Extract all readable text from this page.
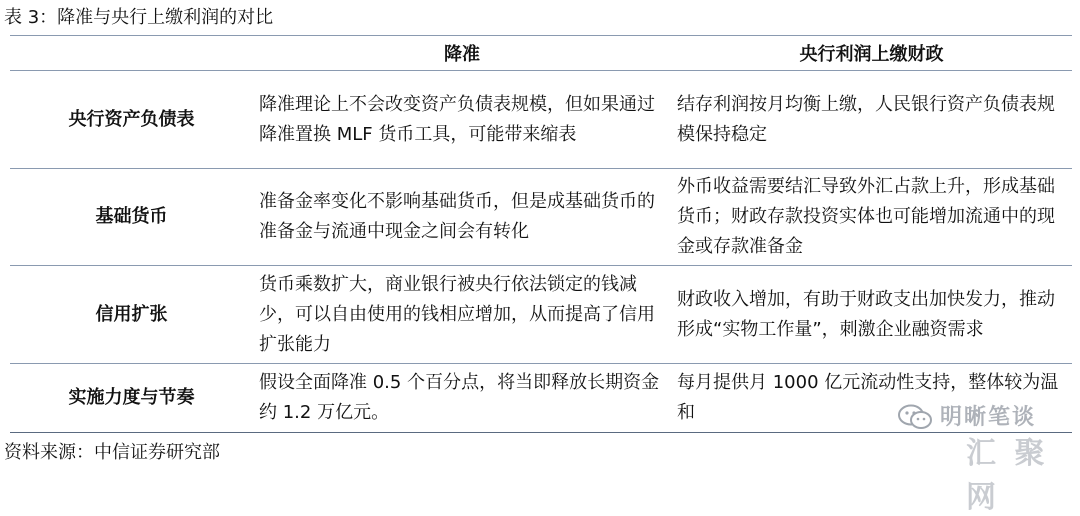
表 3：降准与央行上缴利润的对比
	降准	央行利润上缴财政
央行资产负债表	降准理论上不会改变资产负债表规模，但如果通过降准置换 MLF 货币工具，可能带来缩表	结存利润按月均衡上缴，人民银行资产负债表规模保持稳定
基础货币	准备金率变化不影响基础货币，但是成基础货币的准备金与流通中现金之间会有转化	外币收益需要结汇导致外汇占款上升，形成基础货币；财政存款投资实体也可能增加流通中的现金或存款准备金
信用扩张	货币乘数扩大，商业银行被央行依法锁定的钱减少，可以自由使用的钱相应增加，从而提高了信用扩张能力	财政收入增加，有助于财政支出加快发力，推动形成“实物工作量”，刺激企业融资需求
实施力度与节奏	假设全面降准 0.5 个百分点，将当即释放长期资金约 1.2 万亿元。	每月提供月 1000 亿元流动性支持，整体较为温和
资料来源：中信证券研究部
明晰笔谈
汇 聚网
